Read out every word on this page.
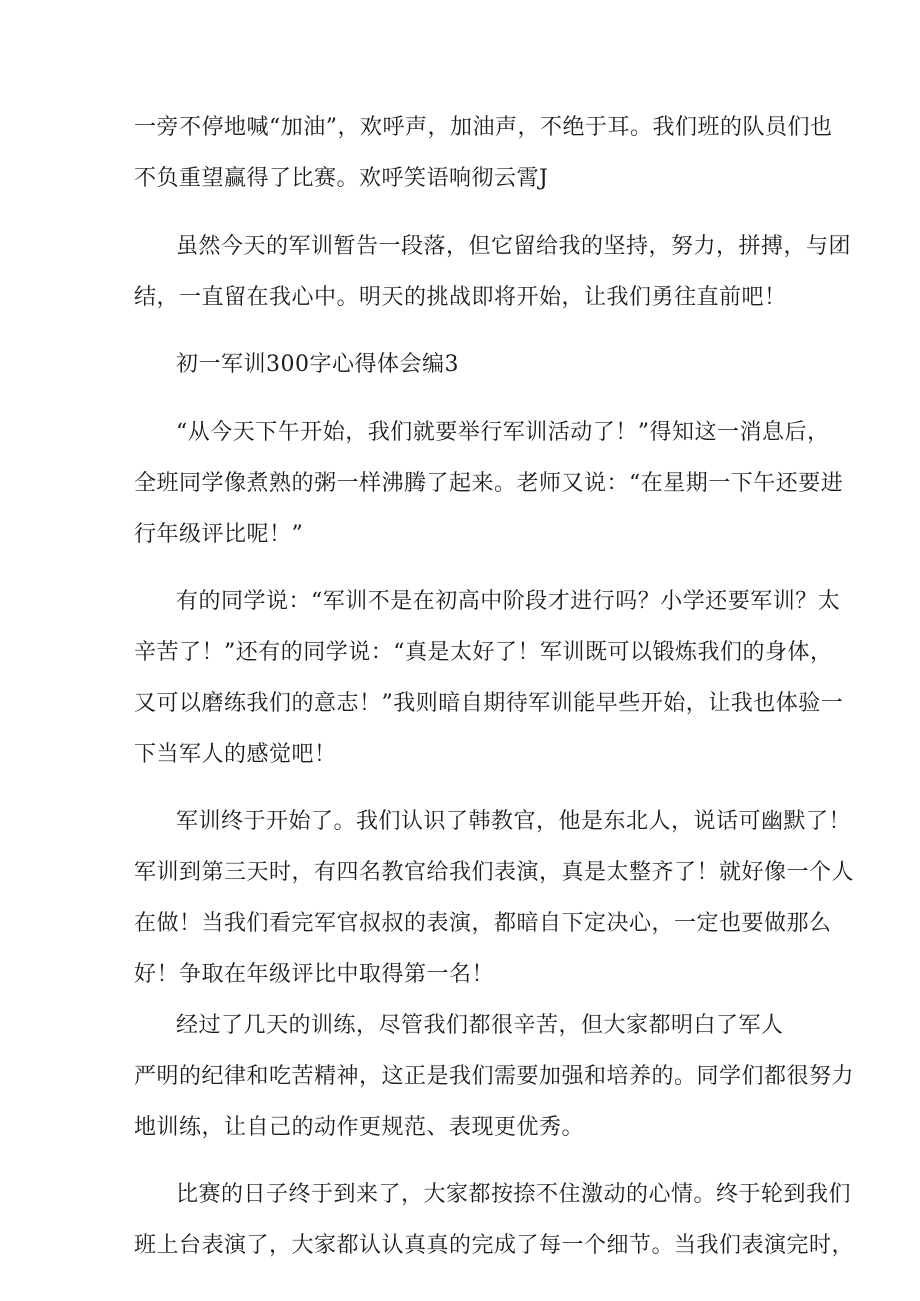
一旁不停地喊“加油”，欢呼声，加油声，不绝于耳。我们班的队员们也
不负重望赢得了比赛。欢呼笑语响彻云霄J
虽然今天的军训暂告一段落，但它留给我的坚持，努力，拼搏，与团
结，一直留在我心中。明天的挑战即将开始，让我们勇往直前吧！
初一军训300字心得体会编3
“从今天下午开始，我们就要举行军训活动了！”得知这一消息后，
全班同学像煮熟的粥一样沸腾了起来。老师又说：“在星期一下午还要进
行年级评比呢！”
有的同学说：“军训不是在初高中阶段才进行吗？小学还要军训？太
辛苦了！”还有的同学说：“真是太好了！军训既可以锻炼我们的身体，
又可以磨练我们的意志！”我则暗自期待军训能早些开始，让我也体验一
下当军人的感觉吧！
军训终于开始了。我们认识了韩教官，他是东北人，说话可幽默了！
军训到第三天时，有四名教官给我们表演，真是太整齐了！就好像一个人
在做！当我们看完军官叔叔的表演，都暗自下定决心，一定也要做那么
好！争取在年级评比中取得第一名！
经过了几天的训练，尽管我们都很辛苦，但大家都明白了军人
严明的纪律和吃苦精神，这正是我们需要加强和培养的。同学们都很努力
地训练，让自己的动作更规范、表现更优秀。
比赛的日子终于到来了，大家都按捺不住激动的心情。终于轮到我们
班上台表演了，大家都认认真真的完成了每一个细节。当我们表演完时，
